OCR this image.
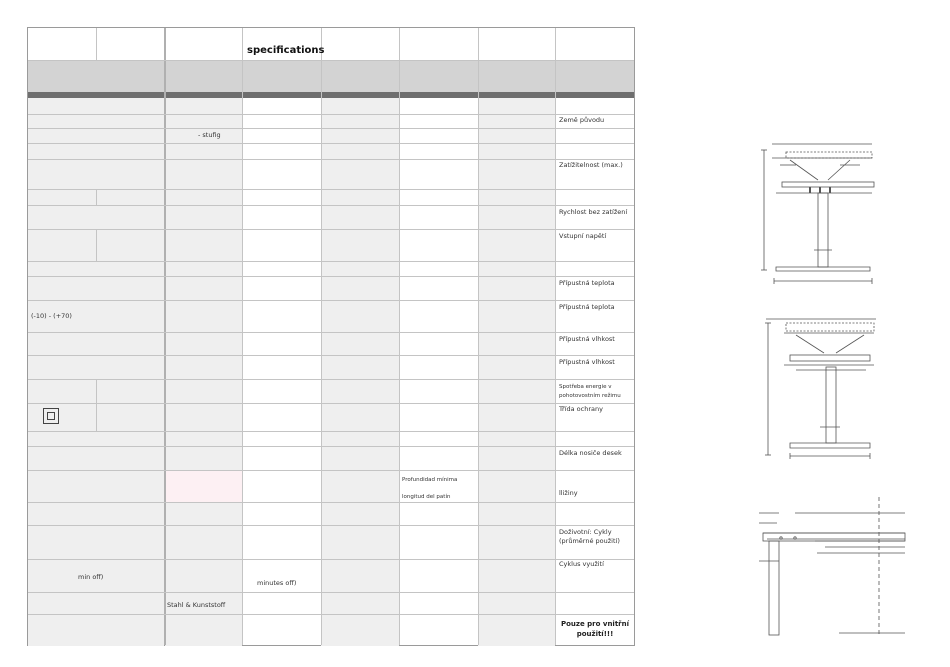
specifications
Země původu
- stufig
Zatížitelnost (max.)
Rychlost bez zatížení
Vstupní napětí
Přípustná teplota
(-10) - (+70)
Přípustná teplota
Přípustná vlhkost
Přípustná vlhkost
Spotřeba energie v pohotovostním režimu
Třída ochrany
Délka nosiče desek
Profundidad mínima longitud del patín	lližiny
Doživotní: Cykly (průměrné použití)
Cyklus využití
min off)
minutes off)
Stahl & Kunststoff
Pouze pro vnitřní použití!!!
